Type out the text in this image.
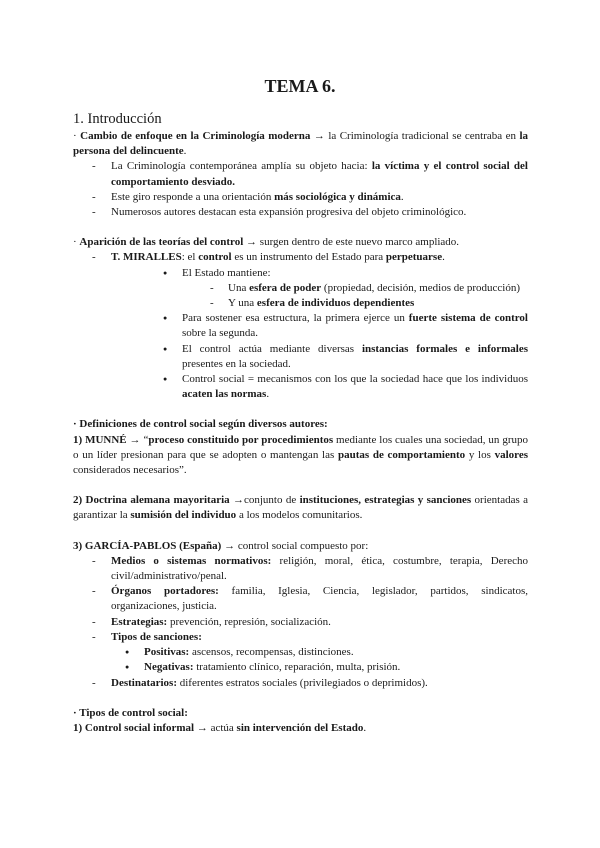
TEMA 6.
1. Introducción

· Cambio de enfoque en la Criminología moderna → la Criminología tradicional se centraba en la persona del delincuente.

- La Criminología contemporánea amplía su objeto hacia: la víctima y el control social del comportamiento desviado.
- Este giro responde a una orientación más sociológica y dinámica.
- Numerosos autores destacan esta expansión progresiva del objeto criminológico.

· Aparición de las teorías del control → surgen dentro de este nuevo marco ampliado.

- T. MIRALLES: el control es un instrumento del Estado para perpetuarse.
● El Estado mantiene:
- Una esfera de poder (propiedad, decisión, medios de producción)
- Y una esfera de individuos dependientes
● Para sostener esa estructura, la primera ejerce un fuerte sistema de control sobre la segunda.
● El control actúa mediante diversas instancias formales e informales presentes en la sociedad.
● Control social = mecanismos con los que la sociedad hace que los individuos acaten las normas.

· Definiciones de control social según diversos autores:

1) MUNNÉ → “proceso constituido por procedimientos mediante los cuales una sociedad, un grupo o un líder presionan para que se adopten o mantengan las pautas de comportamiento y los valores considerados necesarios”.

2) Doctrina alemana mayoritaria →conjunto de instituciones, estrategias y sanciones orientadas a garantizar la sumisión del individuo a los modelos comunitarios.

3) GARCÍA-PABLOS (España) → control social compuesto por:

- Medios o sistemas normativos: religión, moral, ética, costumbre, terapia, Derecho civil/administrativo/penal.
- Órganos portadores: familia, Iglesia, Ciencia, legislador, partidos, sindicatos, organizaciones, justicia.
- Estrategias: prevención, represión, socialización.
- Tipos de sanciones:
● Positivas: ascensos, recompensas, distinciones.
● Negativas: tratamiento clínico, reparación, multa, prisión.
- Destinatarios: diferentes estratos sociales (privilegiados o deprimidos).

· Tipos de control social:

1) Control social informal → actúa sin intervención del Estado.
